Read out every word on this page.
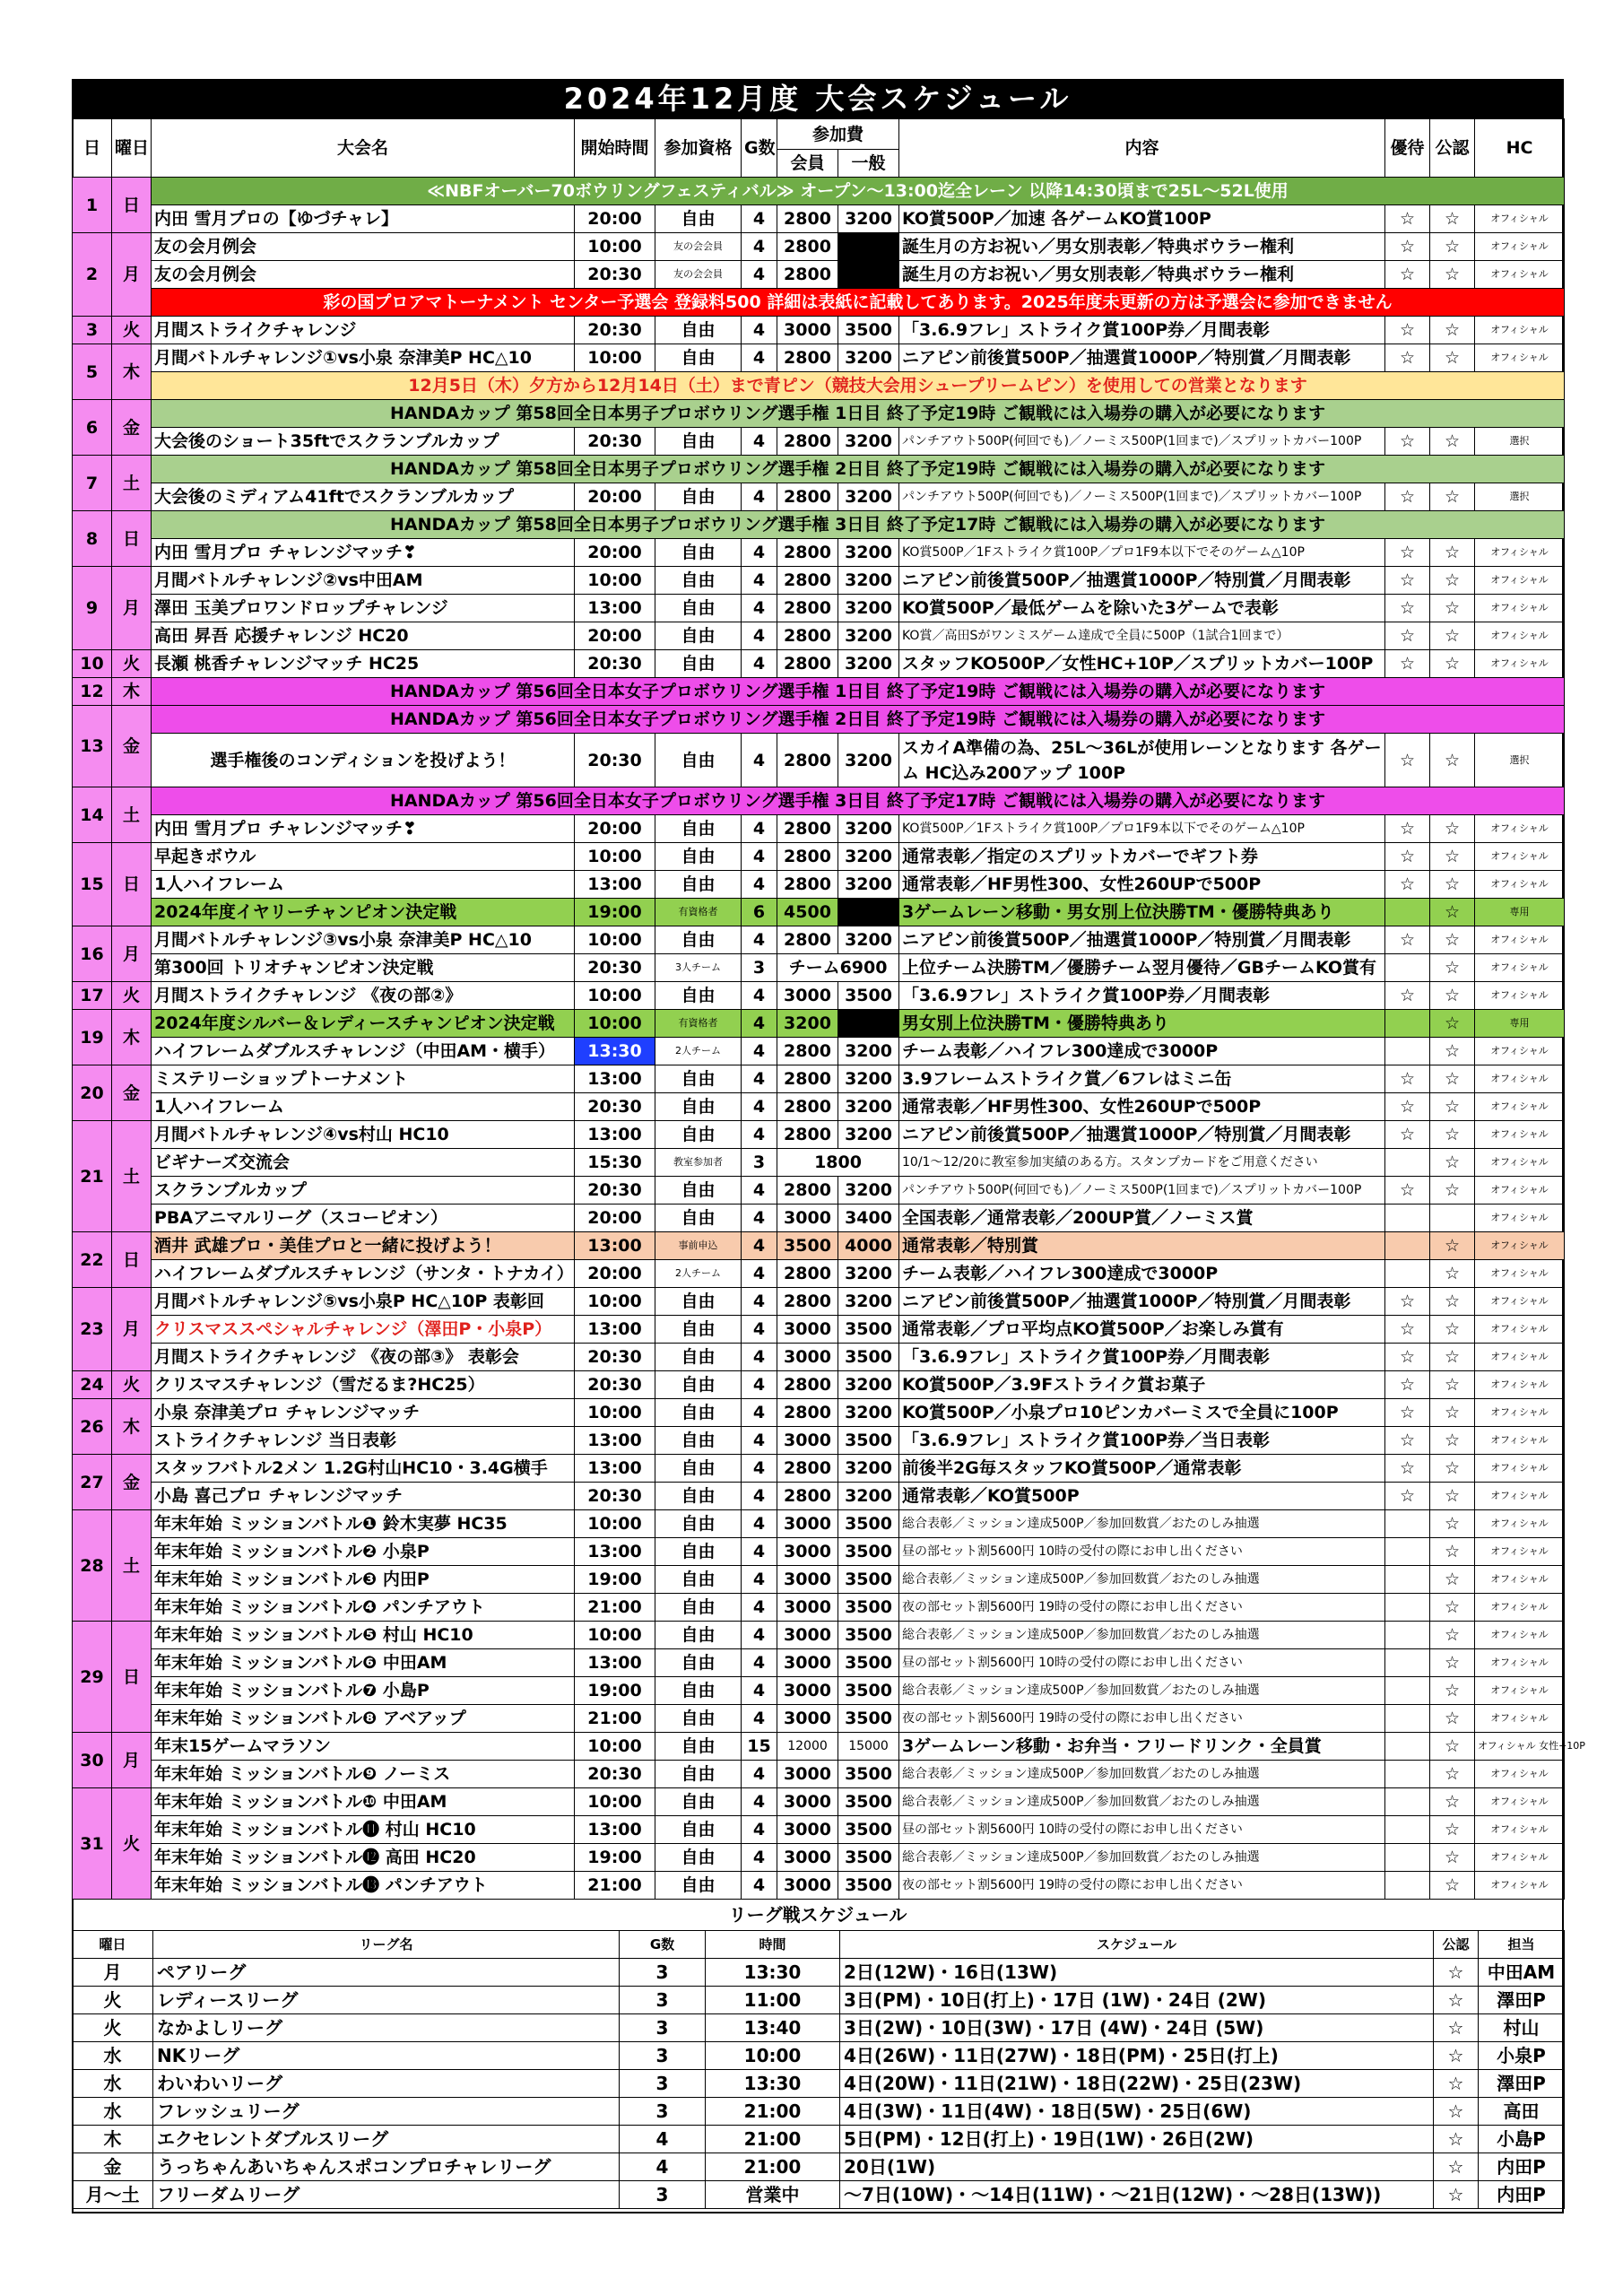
2024年12月度 大会スケジュール
日	曜日	大会名	開始時間	参加資格	G数	参加費		内容	優待	公認	HC
						会員	一般				
1	日	≪NBFオーバー70ボウリングフェスティバル≫ オープン～13:00迄全レーン 以降14:30頃まで25L～52L使用									
		内田 雪月プロの【ゆづチャレ】	20:00	自由	4	2800	3200	KO賞500P／加速 各ゲームKO賞100P	☆	☆	オフィシャル
2	月	友の会月例会	10:00	友の会会員	4	2800		誕生月の方お祝い／男女別表彰／特典ボウラー権利	☆	☆	オフィシャル
		友の会月例会	20:30	友の会会員	4	2800		誕生月の方お祝い／男女別表彰／特典ボウラー権利	☆	☆	オフィシャル
		彩の国プロアマトーナメント センター予選会 登録料500 詳細は表紙に記載してあります。2025年度未更新の方は予選会に参加できません									
3	火	月間ストライクチャレンジ	20:30	自由	4	3000	3500	「3.6.9フレ」ストライク賞100P券／月間表彰	☆	☆	オフィシャル
5	木	月間バトルチャレンジ①vs小泉 奈津美P HC△10	10:00	自由	4	2800	3200	ニアピン前後賞500P／抽選賞1000P／特別賞／月間表彰	☆	☆	オフィシャル
		12月5日（木）夕方から12月14日（土）まで青ピン（競技大会用シュープリームピン）を使用しての営業となります									
6	金	HANDAカップ 第58回全日本男子プロボウリング選手権 1日目 終了予定19時 ご観戦には入場券の購入が必要になります									
		大会後のショート35ftでスクランブルカップ	20:30	自由	4	2800	3200	パンチアウト500P(何回でも)／ノーミス500P(1回まで)／スプリットカバー100P	☆	☆	選択
7	土	HANDAカップ 第58回全日本男子プロボウリング選手権 2日目 終了予定19時 ご観戦には入場券の購入が必要になります									
		大会後のミディアム41ftでスクランブルカップ	20:00	自由	4	2800	3200	パンチアウト500P(何回でも)／ノーミス500P(1回まで)／スプリットカバー100P	☆	☆	選択
8	日	HANDAカップ 第58回全日本男子プロボウリング選手権 3日目 終了予定17時 ご観戦には入場券の購入が必要になります									
		内田 雪月プロ チャレンジマッチ❣	20:00	自由	4	2800	3200	KO賞500P／1Fストライク賞100P／プロ1F9本以下でそのゲーム△10P	☆	☆	オフィシャル
9	月	月間バトルチャレンジ②vs中田AM	10:00	自由	4	2800	3200	ニアピン前後賞500P／抽選賞1000P／特別賞／月間表彰	☆	☆	オフィシャル
		澤田 玉美プロワンドロップチャレンジ	13:00	自由	4	2800	3200	KO賞500P／最低ゲームを除いた3ゲームで表彰	☆	☆	オフィシャル
		高田 昇吾 応援チャレンジ HC20	20:00	自由	4	2800	3200	KO賞／高田Sがワンミスゲーム達成で全員に500P（1試合1回まで）	☆	☆	オフィシャル
10	火	長瀬 桃香チャレンジマッチ HC25	20:30	自由	4	2800	3200	スタッフKO500P／女性HC+10P／スプリットカバー100P	☆	☆	オフィシャル
12	木	HANDAカップ 第56回全日本女子プロボウリング選手権 1日目 終了予定19時 ご観戦には入場券の購入が必要になります									
13	金	HANDAカップ 第56回全日本女子プロボウリング選手権 2日目 終了予定19時 ご観戦には入場券の購入が必要になります									
		選手権後のコンディションを投げよう！	20:30	自由	4	2800	3200	スカイA準備の為、25L～36Lが使用レーンとなります 各ゲーム HC込み200アップ 100P	☆	☆	選択
14	土	HANDAカップ 第56回全日本女子プロボウリング選手権 3日目 終了予定17時 ご観戦には入場券の購入が必要になります									
		内田 雪月プロ チャレンジマッチ❣	20:00	自由	4	2800	3200	KO賞500P／1Fストライク賞100P／プロ1F9本以下でそのゲーム△10P	☆	☆	オフィシャル
15	日	早起きボウル	10:00	自由	4	2800	3200	通常表彰／指定のスプリットカバーでギフト券	☆	☆	オフィシャル
		1人ハイフレーム	13:00	自由	4	2800	3200	通常表彰／HF男性300、女性260UPで500P	☆	☆	オフィシャル
		2024年度イヤリーチャンピオン決定戦	19:00	有資格者	6	4500		3ゲームレーン移動・男女別上位決勝TM・優勝特典あり		☆	専用
16	月	月間バトルチャレンジ③vs小泉 奈津美P HC△10	10:00	自由	4	2800	3200	ニアピン前後賞500P／抽選賞1000P／特別賞／月間表彰	☆	☆	オフィシャル
		第300回 トリオチャンピオン決定戦	20:30	3人チーム	3	チーム6900		上位チーム決勝TM／優勝チーム翌月優待／GBチームKO賞有		☆	オフィシャル
17	火	月間ストライクチャレンジ 《夜の部②》	10:00	自由	4	3000	3500	「3.6.9フレ」ストライク賞100P券／月間表彰	☆	☆	オフィシャル
19	木	2024年度シルバー＆レディースチャンピオン決定戦	10:00	有資格者	4	3200		男女別上位決勝TM・優勝特典あり		☆	専用
		ハイフレームダブルスチャレンジ（中田AM・横手）	13:30	2人チーム	4	2800	3200	チーム表彰／ハイフレ300達成で3000P		☆	オフィシャル
20	金	ミステリーショップトーナメント	13:00	自由	4	2800	3200	3.9フレームストライク賞／6フレはミニ缶	☆	☆	オフィシャル
		1人ハイフレーム	20:30	自由	4	2800	3200	通常表彰／HF男性300、女性260UPで500P	☆	☆	オフィシャル
21	土	月間バトルチャレンジ④vs村山 HC10	13:00	自由	4	2800	3200	ニアピン前後賞500P／抽選賞1000P／特別賞／月間表彰	☆	☆	オフィシャル
		ビギナーズ交流会	15:30	教室参加者	3	1800		10/1～12/20に教室参加実績のある方。スタンプカードをご用意ください		☆	オフィシャル
		スクランブルカップ	20:30	自由	4	2800	3200	パンチアウト500P(何回でも)／ノーミス500P(1回まで)／スプリットカバー100P	☆	☆	オフィシャル
		PBAアニマルリーグ（スコーピオン）	20:00	自由	4	3000	3400	全国表彰／通常表彰／200UP賞／ノーミス賞			オフィシャル
22	日	酒井 武雄プロ・美佳プロと一緒に投げよう！	13:00	事前申込	4	3500	4000	通常表彰／特別賞		☆	オフィシャル
		ハイフレームダブルスチャレンジ（サンタ・トナカイ）	20:00	2人チーム	4	2800	3200	チーム表彰／ハイフレ300達成で3000P		☆	オフィシャル
23	月	月間バトルチャレンジ⑤vs小泉P HC△10P 表彰回	10:00	自由	4	2800	3200	ニアピン前後賞500P／抽選賞1000P／特別賞／月間表彰	☆	☆	オフィシャル
		クリスマススペシャルチャレンジ（澤田P・小泉P）	13:00	自由	4	3000	3500	通常表彰／プロ平均点KO賞500P／お楽しみ賞有	☆	☆	オフィシャル
		月間ストライクチャレンジ 《夜の部③》 表彰会	20:30	自由	4	3000	3500	「3.6.9フレ」ストライク賞100P券／月間表彰	☆	☆	オフィシャル
24	火	クリスマスチャレンジ（雪だるま?HC25）	20:30	自由	4	2800	3200	KO賞500P／3.9Fストライク賞お菓子	☆	☆	オフィシャル
26	木	小泉 奈津美プロ チャレンジマッチ	10:00	自由	4	2800	3200	KO賞500P／小泉プロ10ピンカバーミスで全員に100P	☆	☆	オフィシャル
		ストライクチャレンジ 当日表彰	13:00	自由	4	3000	3500	「3.6.9フレ」ストライク賞100P券／当日表彰	☆	☆	オフィシャル
27	金	スタッフバトル2メン 1.2G村山HC10・3.4G横手	13:00	自由	4	2800	3200	前後半2G毎スタッフKO賞500P／通常表彰	☆	☆	オフィシャル
		小島 喜己プロ チャレンジマッチ	20:30	自由	4	2800	3200	通常表彰／KO賞500P	☆	☆	オフィシャル
28	土	年末年始 ミッションバトル❶ 鈴木実夢 HC35	10:00	自由	4	3000	3500	総合表彰／ミッション達成500P／参加回数賞／おたのしみ抽選		☆	オフィシャル
		年末年始 ミッションバトル❷ 小泉P	13:00	自由	4	3000	3500	昼の部セット割5600円 10時の受付の際にお申し出ください		☆	オフィシャル
		年末年始 ミッションバトル❸ 内田P	19:00	自由	4	3000	3500	総合表彰／ミッション達成500P／参加回数賞／おたのしみ抽選		☆	オフィシャル
		年末年始 ミッションバトル❹ パンチアウト	21:00	自由	4	3000	3500	夜の部セット割5600円 19時の受付の際にお申し出ください		☆	オフィシャル
29	日	年末年始 ミッションバトル❺ 村山 HC10	10:00	自由	4	3000	3500	総合表彰／ミッション達成500P／参加回数賞／おたのしみ抽選		☆	オフィシャル
		年末年始 ミッションバトル❻ 中田AM	13:00	自由	4	3000	3500	昼の部セット割5600円 10時の受付の際にお申し出ください		☆	オフィシャル
		年末年始 ミッションバトル❼ 小島P	19:00	自由	4	3000	3500	総合表彰／ミッション達成500P／参加回数賞／おたのしみ抽選		☆	オフィシャル
		年末年始 ミッションバトル❽ アベアップ	21:00	自由	4	3000	3500	夜の部セット割5600円 19時の受付の際にお申し出ください		☆	オフィシャル
30	月	年末15ゲームマラソン	10:00	自由	15	12000	15000	3ゲームレーン移動・お弁当・フリードリンク・全員賞		☆	オフィシャル 女性+10P
		年末年始 ミッションバトル❾ ノーミス	20:30	自由	4	3000	3500	総合表彰／ミッション達成500P／参加回数賞／おたのしみ抽選		☆	オフィシャル
31	火	年末年始 ミッションバトル❿ 中田AM	10:00	自由	4	3000	3500	総合表彰／ミッション達成500P／参加回数賞／おたのしみ抽選		☆	オフィシャル
		年末年始 ミッションバトル⓫ 村山 HC10	13:00	自由	4	3000	3500	昼の部セット割5600円 10時の受付の際にお申し出ください		☆	オフィシャル
		年末年始 ミッションバトル⓬ 高田 HC20	19:00	自由	4	3000	3500	総合表彰／ミッション達成500P／参加回数賞／おたのしみ抽選		☆	オフィシャル
		年末年始 ミッションバトル⓭ パンチアウト	21:00	自由	4	3000	3500	夜の部セット割5600円 19時の受付の際にお申し出ください		☆	オフィシャル
リーグ戦スケジュール
曜日	リーグ名	G数	時間	スケジュール	公認	担当
月	ペアリーグ	3	13:30	2日(12W)・16日(13W)	☆	中田AM
火	レディースリーグ	3	11:00	3日(PM)・10日(打上)・17日 (1W)・24日 (2W)	☆	澤田P
火	なかよしリーグ	3	13:40	3日(2W)・10日(3W)・17日 (4W)・24日 (5W)	☆	村山
水	NKリーグ	3	10:00	4日(26W)・11日(27W)・18日(PM)・25日(打上)	☆	小泉P
水	わいわいリーグ	3	13:30	4日(20W)・11日(21W)・18日(22W)・25日(23W)	☆	澤田P
水	フレッシュリーグ	3	21:00	4日(3W)・11日(4W)・18日(5W)・25日(6W)	☆	高田
木	エクセレントダブルスリーグ	4	21:00	5日(PM)・12日(打上)・19日(1W)・26日(2W)	☆	小島P
金	うっちゃんあいちゃんスポコンプロチャレリーグ	4	21:00	20日(1W)	☆	内田P
月～土	フリーダムリーグ	3	営業中	～7日(10W)・～14日(11W)・～21日(12W)・～28日(13W))	☆	内田P
